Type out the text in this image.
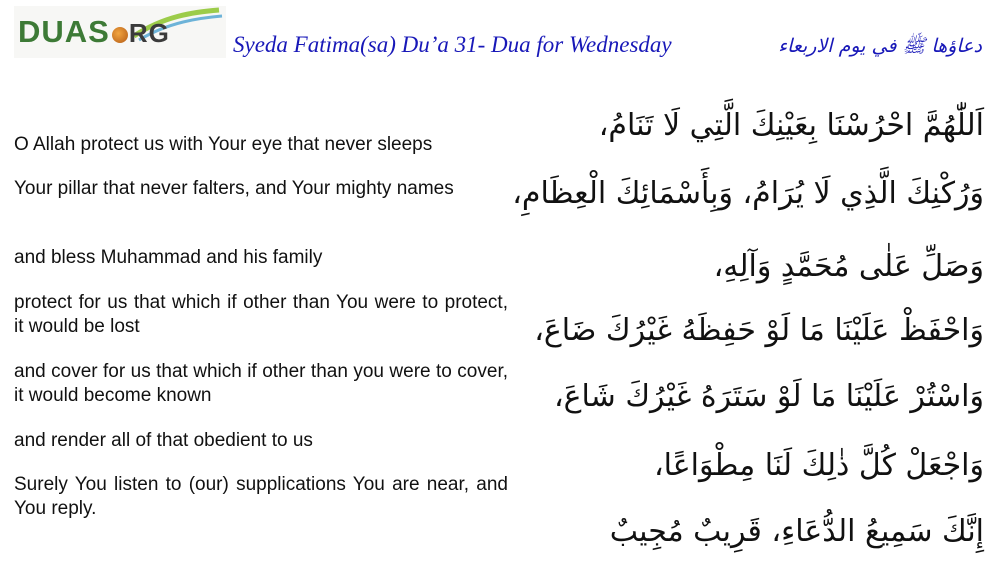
DUAS RG	Syeda Fatima(sa) Du’a 31- Dua for Wednesday	دعاؤها ﷺ في يوم الاربعاء
O Allah protect us with Your eye that never sleeps
Your pillar that never falters, and Your mighty names
and bless Muhammad and his family
protect for us that which if other than You were to protect, it would be lost
and cover for us that which if other than you were to cover, it would become known
and render all of that obedient to us
Surely You listen to (our) supplications You are near, and You reply.
اَللّٰهُمَّ احْرُسْنَا بِعَيْنِكَ الَّتِي لَا تَنَامُ،
وَرُكْنِكَ الَّذِي لَا يُرَامُ، وَبِأَسْمَائِكَ الْعِظَامِ،
وَصَلِّ عَلٰى مُحَمَّدٍ وَآلِهِ،
وَاحْفَظْ عَلَيْنَا مَا لَوْ حَفِظَهُ غَيْرُكَ ضَاعَ،
وَاسْتُرْ عَلَيْنَا مَا لَوْ سَتَرَهُ غَيْرُكَ شَاعَ،
وَاجْعَلْ كُلَّ ذٰلِكَ لَنَا مِطْوَاعًا،
إِنَّكَ سَمِيعُ الدُّعَاءِ، قَرِيبٌ مُجِيبٌ
